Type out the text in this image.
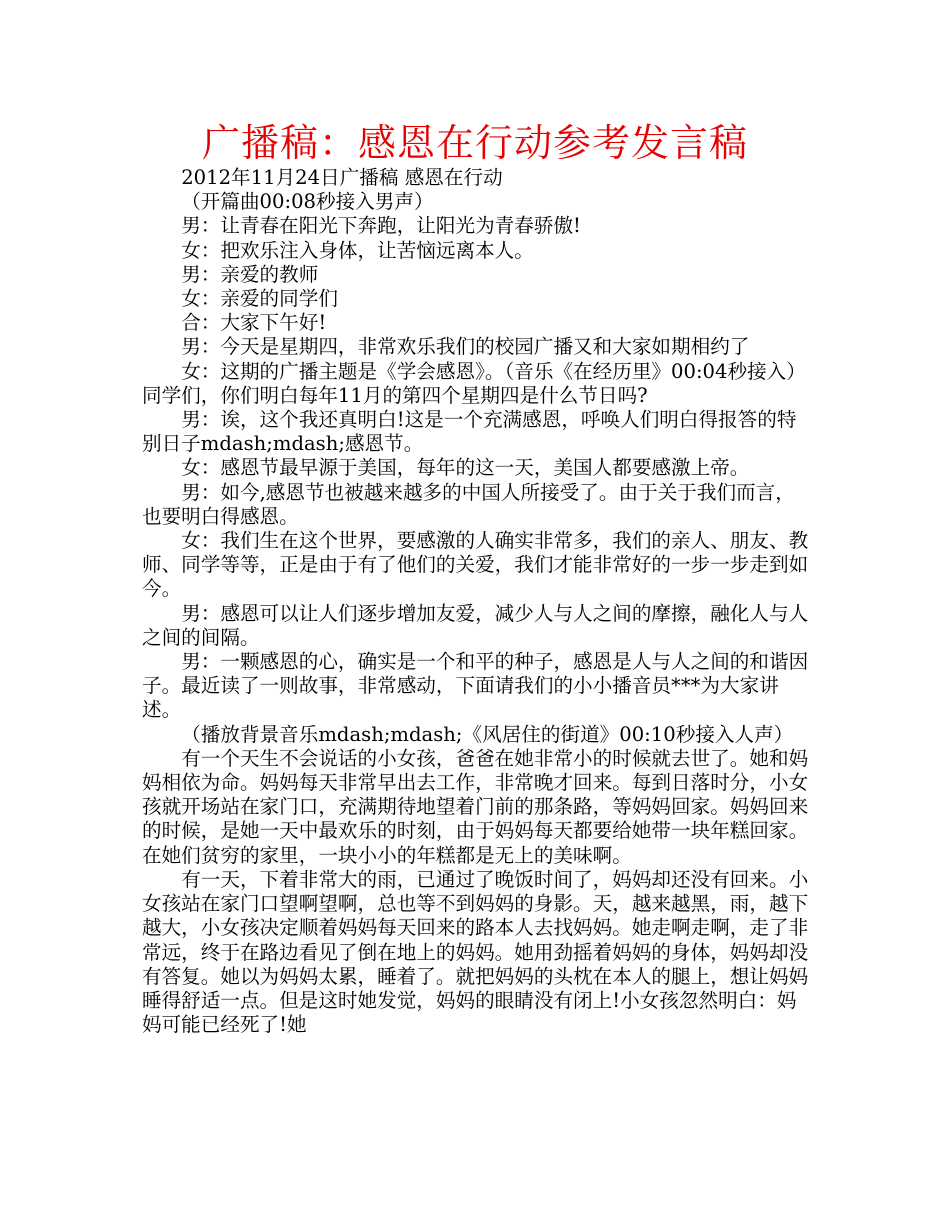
广播稿：感恩在行动参考发言稿

2012年11月24日广播稿 感恩在行动

（开篇曲00:08秒接入男声）

男：让青春在阳光下奔跑，让阳光为青春骄傲!

女：把欢乐注入身体，让苦恼远离本人。

男：亲爱的教师

女：亲爱的同学们

合：大家下午好!

男：今天是星期四，非常欢乐我们的校园广播又和大家如期相约了

女：这期的广播主题是《学会感恩》。（音乐《在经历里》00:04秒接入）同学们，你们明白每年11月的第四个星期四是什么节日吗?

男：诶，这个我还真明白!这是一个充满感恩，呼唤人们明白得报答的特别日子mdash;mdash;感恩节。

女：感恩节最早源于美国，每年的这一天，美国人都要感激上帝。

男：如今,感恩节也被越来越多的中国人所接受了。由于关于我们而言，也要明白得感恩。

女：我们生在这个世界，要感激的人确实非常多，我们的亲人、朋友、教师、同学等等，正是由于有了他们的关爱，我们才能非常好的一步一步走到如今。

男：感恩可以让人们逐步增加友爱，减少人与人之间的摩擦，融化人与人之间的间隔。

男：一颗感恩的心，确实是一个和平的种子，感恩是人与人之间的和谐因子。最近读了一则故事，非常感动，下面请我们的小小播音员***为大家讲述。

（播放背景音乐mdash;mdash;《风居住的街道》00:10秒接入人声）

有一个天生不会说话的小女孩，爸爸在她非常小的时候就去世了。她和妈妈相依为命。妈妈每天非常早出去工作，非常晚才回来。每到日落时分，小女孩就开场站在家门口，充满期待地望着门前的那条路，等妈妈回家。妈妈回来的时候，是她一天中最欢乐的时刻，由于妈妈每天都要给她带一块年糕回家。在她们贫穷的家里，一块小小的年糕都是无上的美味啊。

有一天，下着非常大的雨，已通过了晚饭时间了，妈妈却还没有回来。小女孩站在家门口望啊望啊，总也等不到妈妈的身影。天，越来越黑，雨，越下越大，小女孩决定顺着妈妈每天回来的路本人去找妈妈。她走啊走啊，走了非常远，终于在路边看见了倒在地上的妈妈。她用劲摇着妈妈的身体，妈妈却没有答复。她以为妈妈太累，睡着了。就把妈妈的头枕在本人的腿上，想让妈妈睡得舒适一点。但是这时她发觉，妈妈的眼睛没有闭上!小女孩忽然明白：妈妈可能已经死了!她
